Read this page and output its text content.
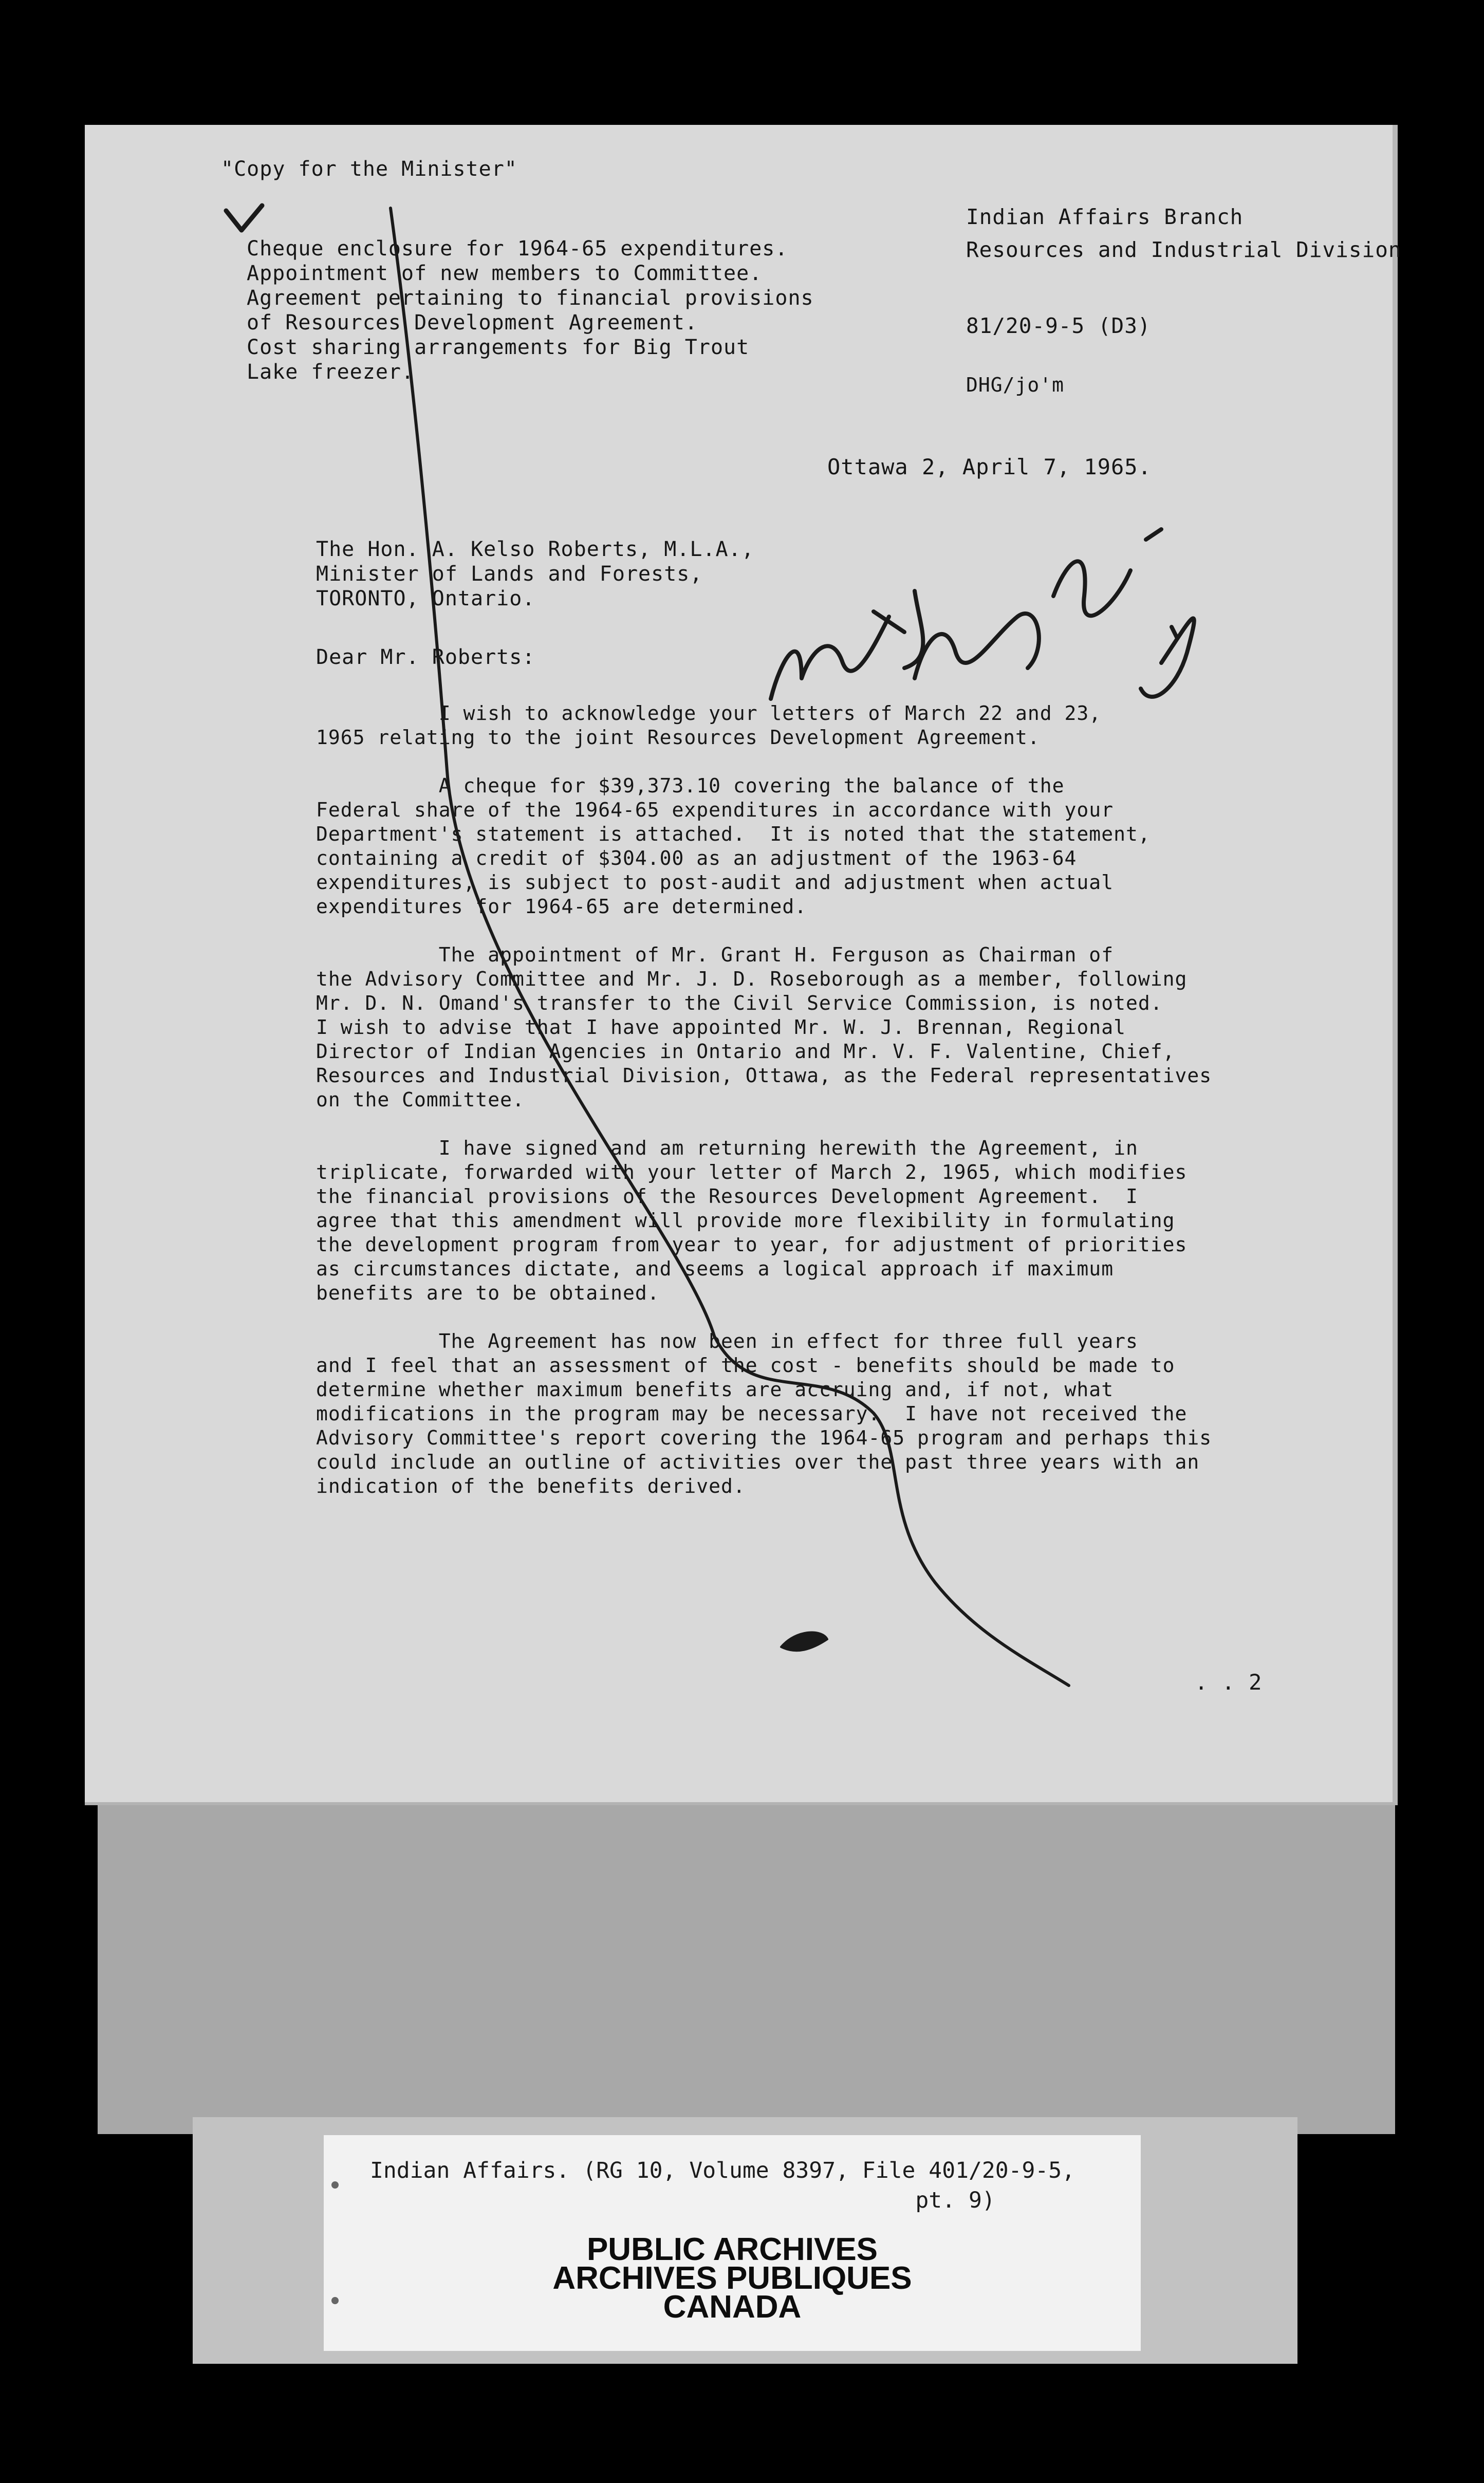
"Copy for the Minister"

Cheque enclosure for 1964-65 expenditures.
Appointment of new members to Committee.
Agreement pertaining to financial provisions
of Resources Development Agreement.
Cost sharing arrangements for Big Trout
Lake freezer.
Indian Affairs Branch
Resources and Industrial Division

81/20-9-5 (D3)

DHG/jo'm

Ottawa 2, April 7, 1965.

The Hon. A. Kelso Roberts, M.L.A.,
Minister of Lands and Forests,
TORONTO, Ontario.

Dear Mr. Roberts:

I wish to acknowledge your letters of March 22 and 23,
1965 relating to the joint Resources Development Agreement.

A cheque for $39,373.10 covering the balance of the
Federal share of the 1964-65 expenditures in accordance with your
Department's statement is attached.  It is noted that the statement,
containing a credit of $304.00 as an adjustment of the 1963-64
expenditures, is subject to post-audit and adjustment when actual
expenditures for 1964-65 are determined.

The appointment of Mr. Grant H. Ferguson as Chairman of
the Advisory Committee and Mr. J. D. Roseborough as a member, following
Mr. D. N. Omand's transfer to the Civil Service Commission, is noted.
I wish to advise that I have appointed Mr. W. J. Brennan, Regional
Director of Indian Agencies in Ontario and Mr. V. F. Valentine, Chief,
Resources and Industrial Division, Ottawa, as the Federal representatives
on the Committee.

I have signed and am returning herewith the Agreement, in
triplicate, forwarded with your letter of March 2, 1965, which modifies
the financial provisions of the Resources Development Agreement.  I
agree that this amendment will provide more flexibility in formulating
the development program from year to year, for adjustment of priorities
as circumstances dictate, and seems a logical approach if maximum
benefits are to be obtained.

The Agreement has now been in effect for three full years
and I feel that an assessment of the cost - benefits should be made to
determine whether maximum benefits are accruing and, if not, what
modifications in the program may be necessary.  I have not received the
Advisory Committee's report covering the 1964-65 program and perhaps this
could include an outline of activities over the past three years with an
indication of the benefits derived.

. . 2

Indian Affairs. (RG 10, Volume 8397, File 401/20-9-5,
pt. 9)
PUBLIC ARCHIVES
ARCHIVES PUBLIQUES
CANADA
